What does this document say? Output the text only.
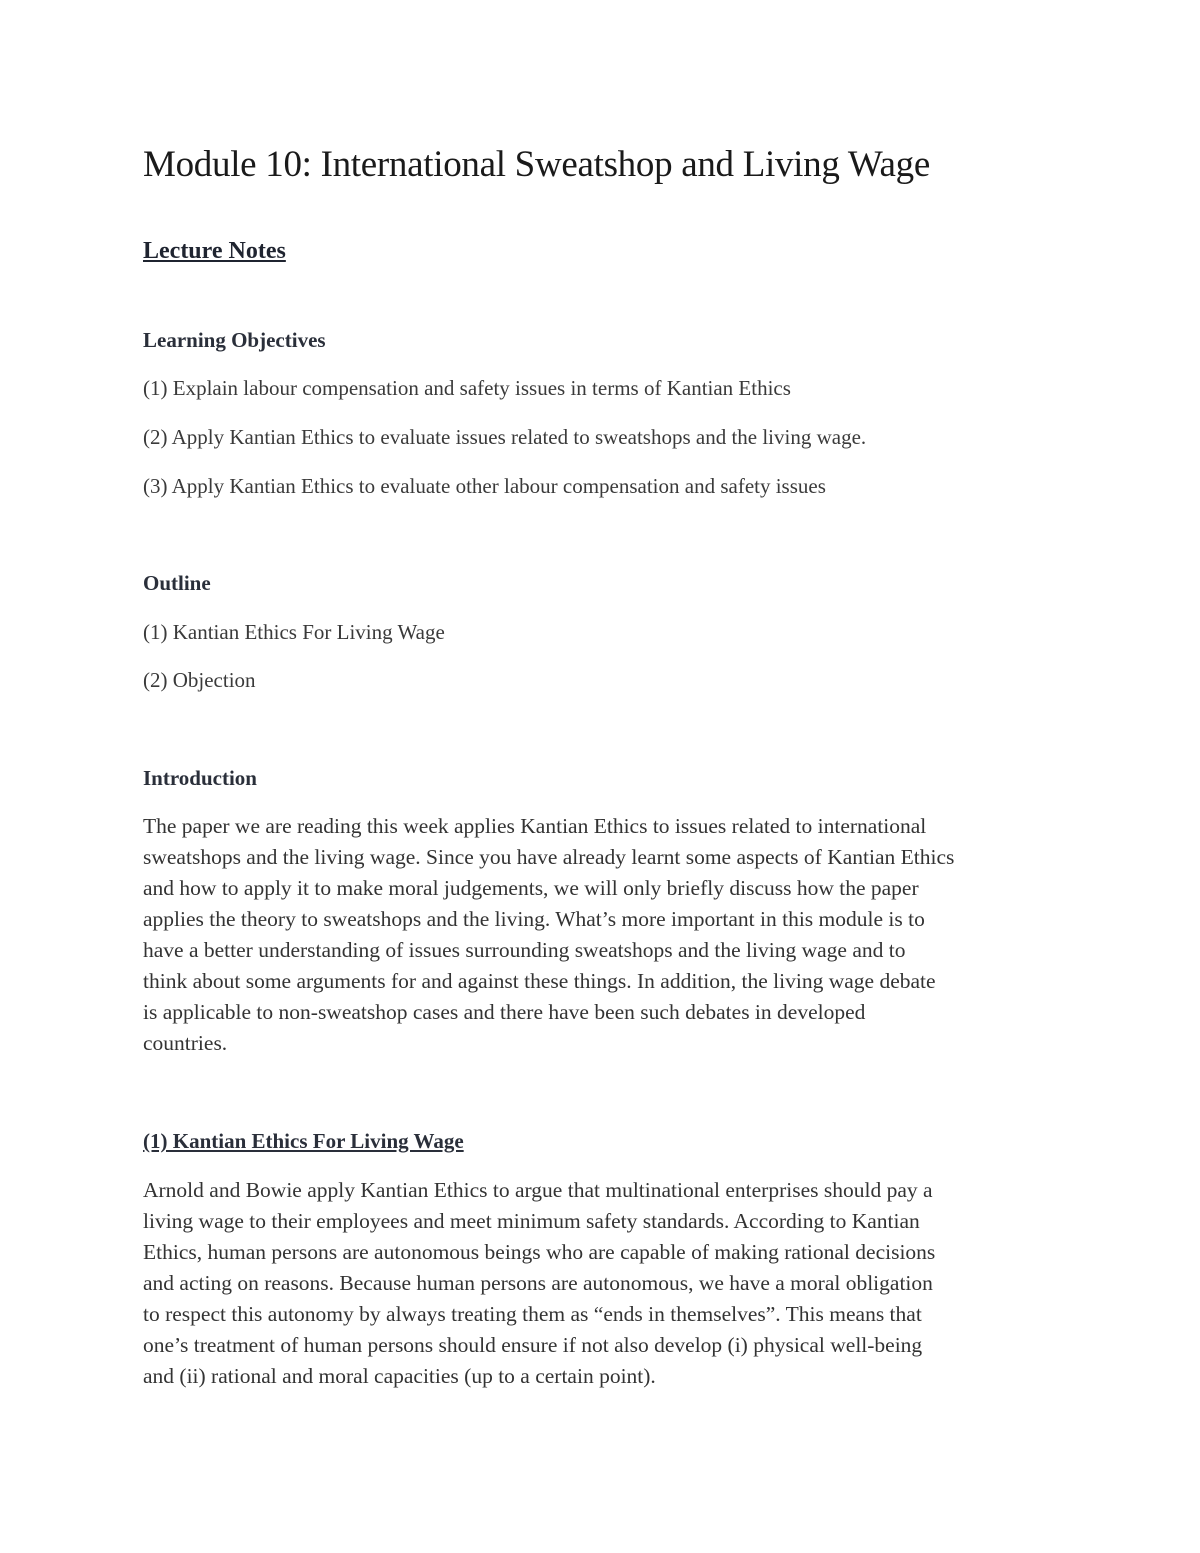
Module 10: International Sweatshop and Living Wage
Lecture Notes
Learning Objectives

(1) Explain labour compensation and safety issues in terms of Kantian Ethics

(2) Apply Kantian Ethics to evaluate issues related to sweatshops and the living wage.

(3) Apply Kantian Ethics to evaluate other labour compensation and safety issues

Outline

(1) Kantian Ethics For Living Wage

(2) Objection

Introduction
The paper we are reading this week applies Kantian Ethics to issues related to international
sweatshops and the living wage. Since you have already learnt some aspects of Kantian Ethics
and how to apply it to make moral judgements, we will only briefly discuss how the paper
applies the theory to sweatshops and the living. What’s more important in this module is to
have a better understanding of issues surrounding sweatshops and the living wage and to
think about some arguments for and against these things. In addition, the living wage debate
is applicable to non-sweatshop cases and there have been such debates in developed
countries.
(1) Kantian Ethics For Living Wage
Arnold and Bowie apply Kantian Ethics to argue that multinational enterprises should pay a
living wage to their employees and meet minimum safety standards. According to Kantian
Ethics, human persons are autonomous beings who are capable of making rational decisions
and acting on reasons. Because human persons are autonomous, we have a moral obligation
to respect this autonomy by always treating them as “ends in themselves”. This means that
one’s treatment of human persons should ensure if not also develop (i) physical well-being
and (ii) rational and moral capacities (up to a certain point).
